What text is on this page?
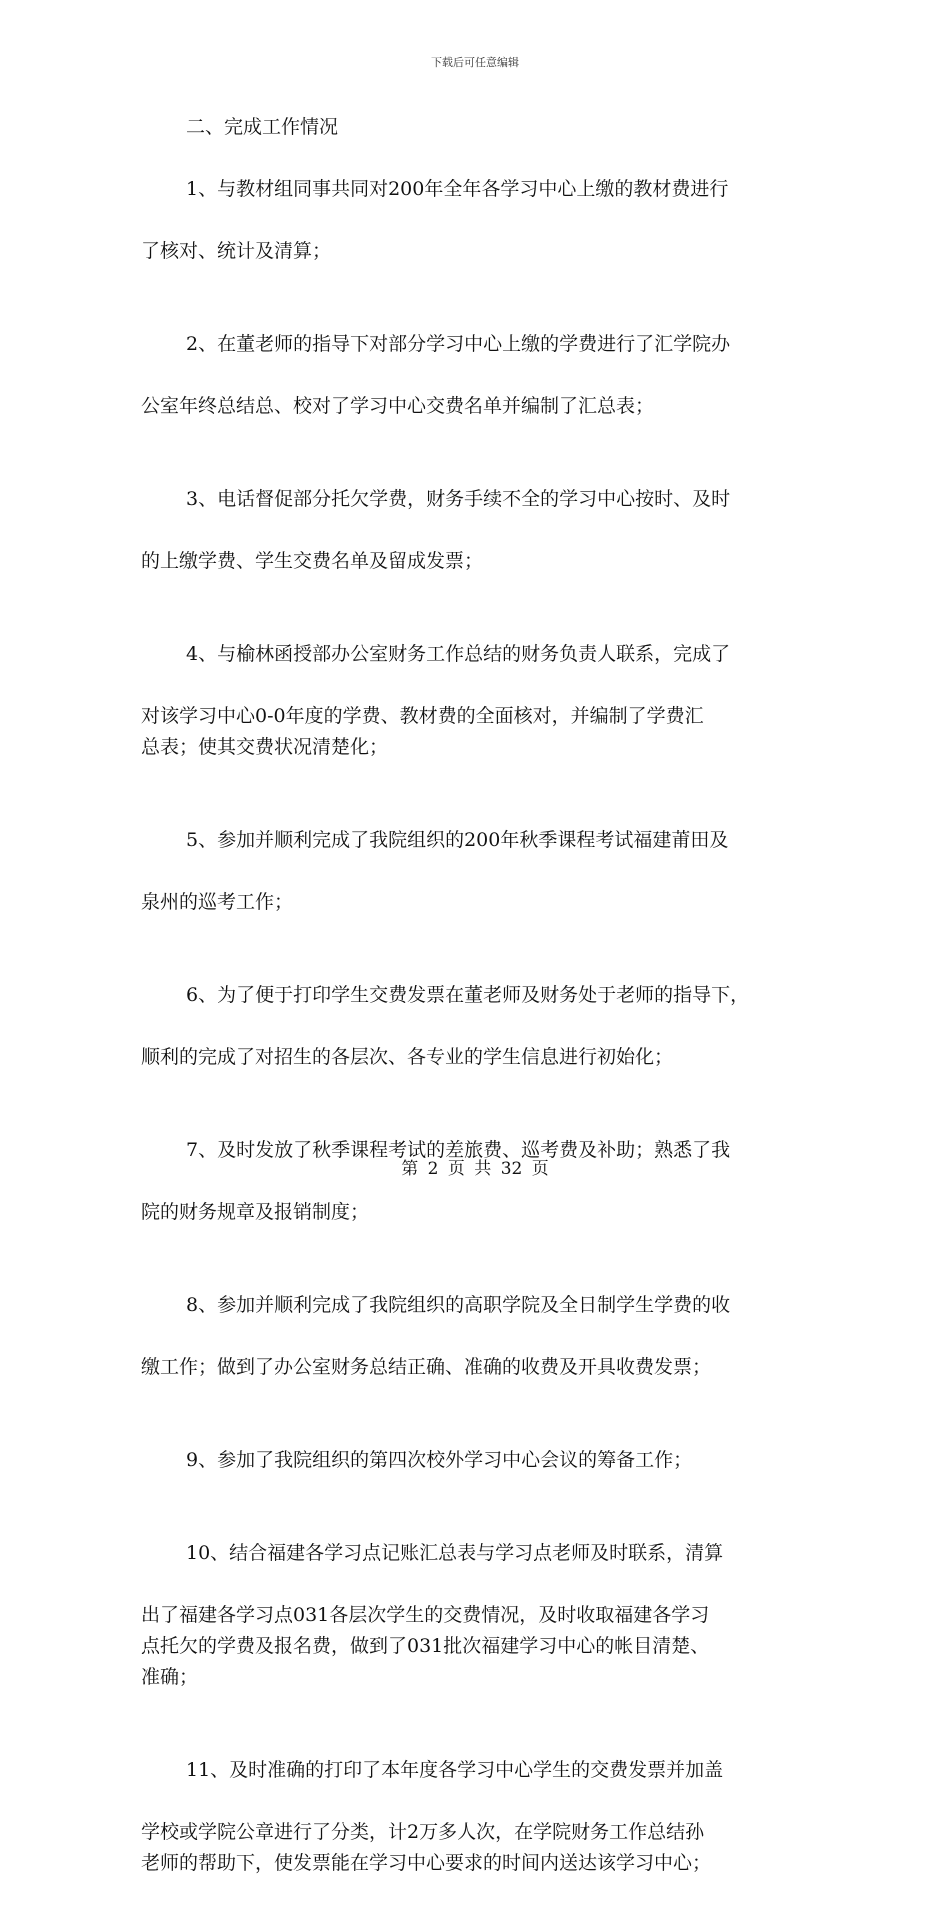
下载后可任意编辑

二、完成工作情况

1、与教材组同事共同对200年全年各学习中心上缴的教材费进行

了核对、统计及清算；

2、在董老师的指导下对部分学习中心上缴的学费进行了汇学院办

公室年终总结总、校对了学习中心交费名单并编制了汇总表；

3、电话督促部分托欠学费，财务手续不全的学习中心按时、及时

的上缴学费、学生交费名单及留成发票；

4、与榆林函授部办公室财务工作总结的财务负责人联系，完成了

对该学习中心0-0年度的学费、教材费的全面核对，并编制了学费汇
总表；使其交费状况清楚化；

5、参加并顺利完成了我院组织的200年秋季课程考试福建莆田及

泉州的巡考工作；

6、为了便于打印学生交费发票在董老师及财务处于老师的指导下，

顺利的完成了对招生的各层次、各专业的学生信息进行初始化；

7、及时发放了秋季课程考试的差旅费、巡考费及补助；熟悉了我

院的财务规章及报销制度；

8、参加并顺利完成了我院组织的高职学院及全日制学生学费的收

缴工作；做到了办公室财务总结正确、准确的收费及开具收费发票；

9、参加了我院组织的第四次校外学习中心会议的筹备工作；

10、结合福建各学习点记账汇总表与学习点老师及时联系，清算

出了福建各学习点031各层次学生的交费情况，及时收取福建各学习
点托欠的学费及报名费，做到了031批次福建学习中心的帐目清楚、
准确；

11、及时准确的打印了本年度各学习中心学生的交费发票并加盖

学校或学院公章进行了分类，计2万多人次，在学院财务工作总结孙
老师的帮助下，使发票能在学习中心要求的时间内送达该学习中心；

第 2 页 共 32 页
